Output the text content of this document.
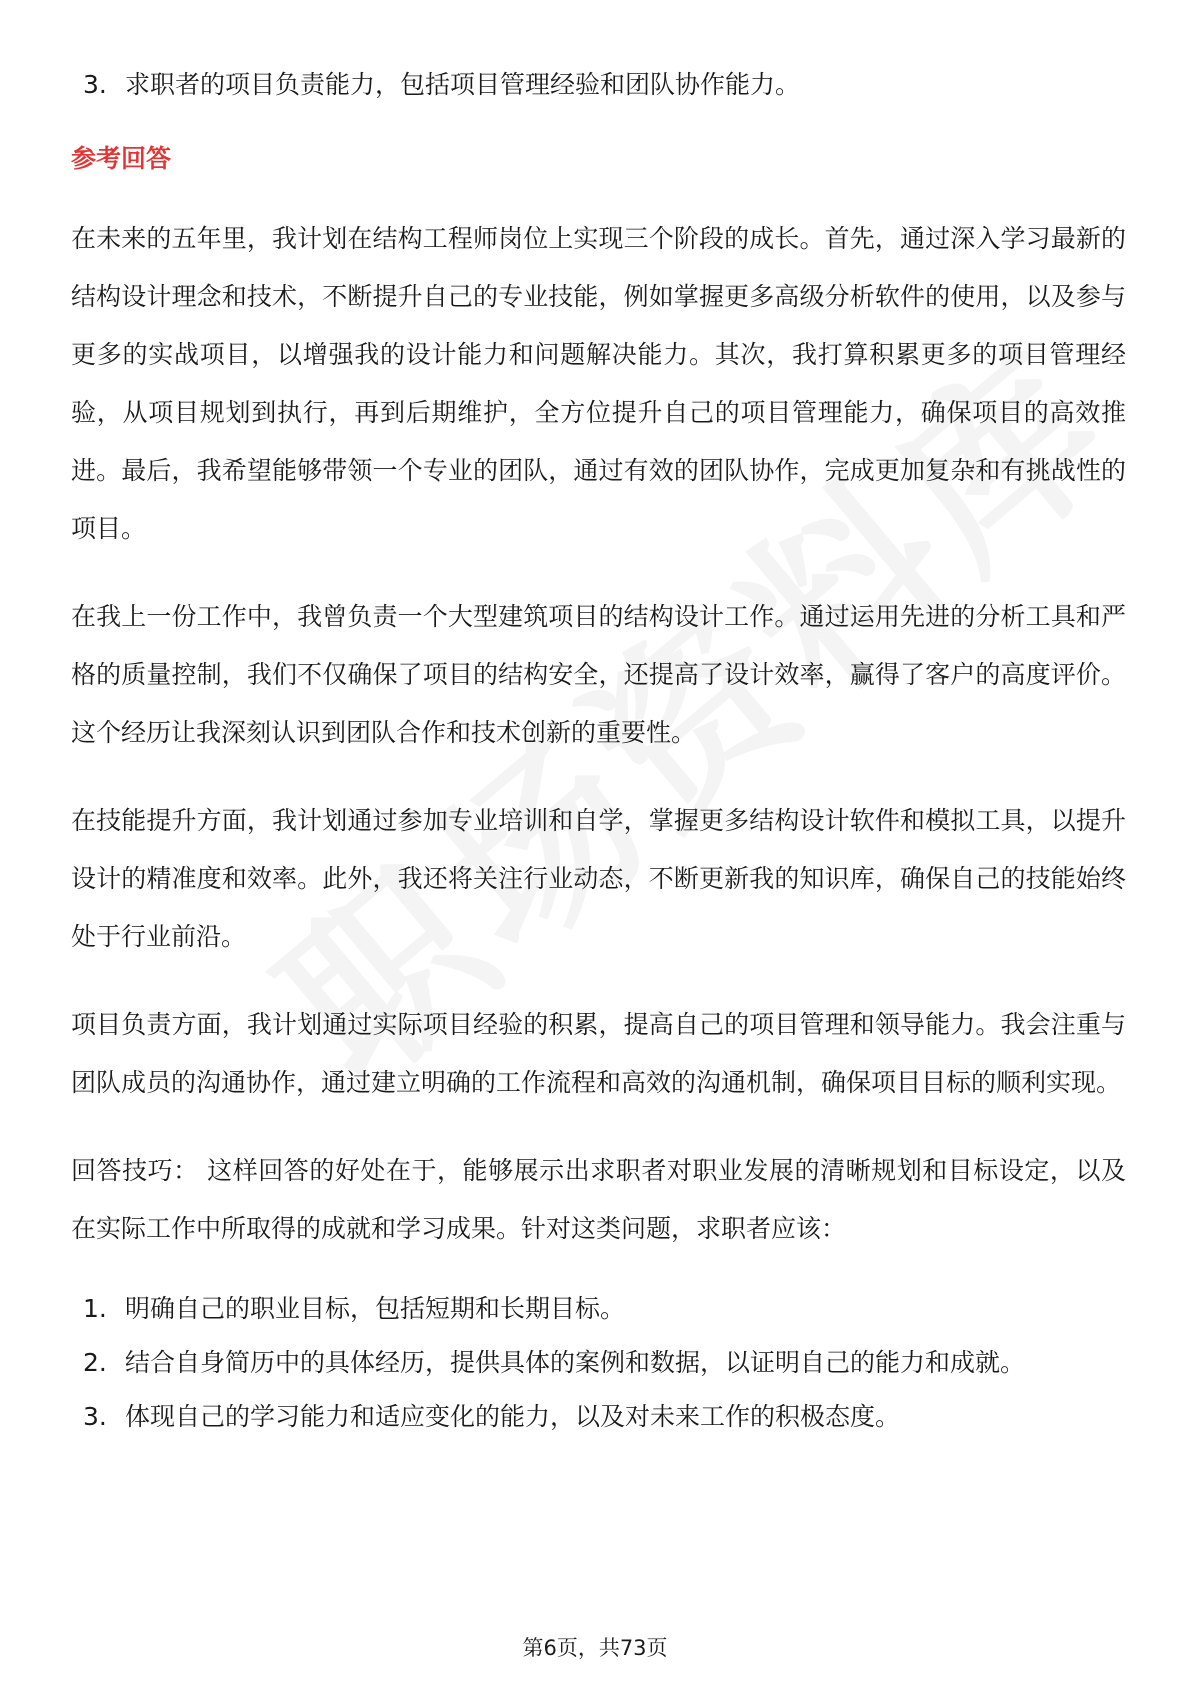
3. 求职者的项目负责能力，包括项目管理经验和团队协作能力。
参考回答

在未来的五年里，我计划在结构工程师岗位上实现三个阶段的成长。首先，通过深入学习最新的结构设计理念和技术，不断提升自己的专业技能，例如掌握更多高级分析软件的使用，以及参与更多的实战项目，以增强我的设计能力和问题解决能力。其次，我打算积累更多的项目管理经验，从项目规划到执行，再到后期维护，全方位提升自己的项目管理能力，确保项目的高效推进。最后，我希望能够带领一个专业的团队，通过有效的团队协作，完成更加复杂和有挑战性的项目。

在我上一份工作中，我曾负责一个大型建筑项目的结构设计工作。通过运用先进的分析工具和严格的质量控制，我们不仅确保了项目的结构安全，还提高了设计效率，赢得了客户的高度评价。这个经历让我深刻认识到团队合作和技术创新的重要性。

在技能提升方面，我计划通过参加专业培训和自学，掌握更多结构设计软件和模拟工具，以提升设计的精准度和效率。此外，我还将关注行业动态，不断更新我的知识库，确保自己的技能始终处于行业前沿。

项目负责方面，我计划通过实际项目经验的积累，提高自己的项目管理和领导能力。我会注重与团队成员的沟通协作，通过建立明确的工作流程和高效的沟通机制，确保项目目标的顺利实现。

回答技巧： 这样回答的好处在于，能够展示出求职者对职业发展的清晰规划和目标设定，以及在实际工作中所取得的成就和学习成果。针对这类问题，求职者应该：

1. 明确自己的职业目标，包括短期和长期目标。
2. 结合自身简历中的具体经历，提供具体的案例和数据，以证明自己的能力和成就。
3. 体现自己的学习能力和适应变化的能力，以及对未来工作的积极态度。
第6页，共73页
